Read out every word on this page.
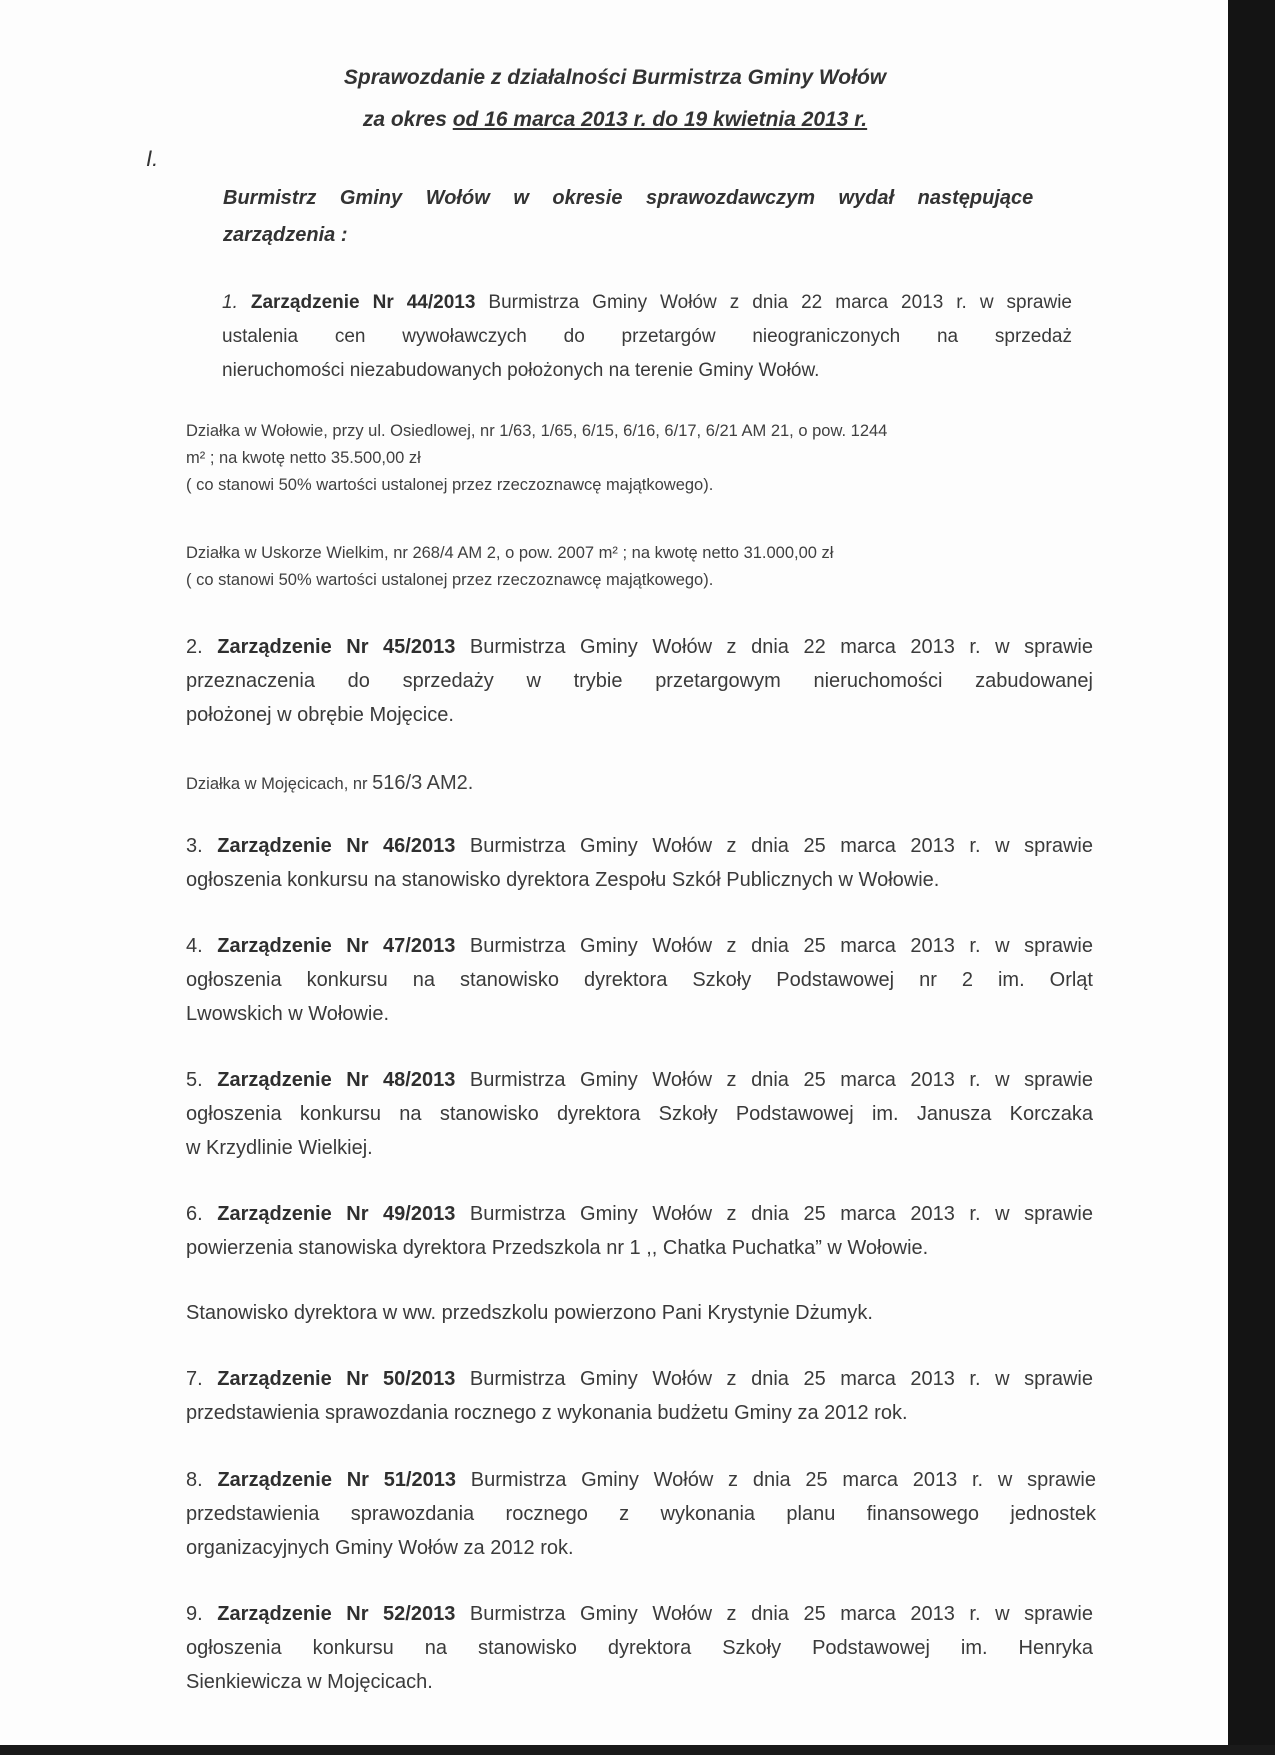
Sprawozdanie z działalności Burmistrza Gminy Wołów
za okres od 16 marca 2013 r. do 19 kwietnia 2013 r.
I.
Burmistrz Gminy Wołów w okresie sprawozdawczym wydał następujące
zarządzenia :
1. Zarządzenie Nr 44/2013 Burmistrza Gminy Wołów z dnia 22 marca 2013 r. w sprawie
ustalenia cen wywoławczych do przetargów nieograniczonych na sprzedaż
nieruchomości niezabudowanych położonych na terenie Gminy Wołów.
Działka w Wołowie, przy ul. Osiedlowej, nr 1/63, 1/65, 6/15, 6/16, 6/17, 6/21 AM 21, o pow. 1244
m² ; na kwotę netto 35.500,00 zł
( co stanowi 50% wartości ustalonej przez rzeczoznawcę majątkowego).
Działka w Uskorze Wielkim, nr 268/4 AM 2, o pow. 2007 m² ; na kwotę netto 31.000,00 zł
( co stanowi 50% wartości ustalonej przez rzeczoznawcę majątkowego).
2. Zarządzenie Nr 45/2013 Burmistrza Gminy Wołów z dnia 22 marca 2013 r. w sprawie
przeznaczenia do sprzedaży w trybie przetargowym nieruchomości zabudowanej
położonej w obrębie Mojęcice.
Działka w Mojęcicach, nr 516/3 AM2.
3. Zarządzenie Nr 46/2013 Burmistrza Gminy Wołów z dnia 25 marca 2013 r. w sprawie
ogłoszenia konkursu na stanowisko dyrektora Zespołu Szkół Publicznych w Wołowie.
4. Zarządzenie Nr 47/2013 Burmistrza Gminy Wołów z dnia 25 marca 2013 r. w sprawie
ogłoszenia konkursu na stanowisko dyrektora Szkoły Podstawowej nr 2 im. Orląt
Lwowskich w Wołowie.
5. Zarządzenie Nr 48/2013 Burmistrza Gminy Wołów z dnia 25 marca 2013 r. w sprawie
ogłoszenia konkursu na stanowisko dyrektora Szkoły Podstawowej im. Janusza Korczaka
w Krzydlinie Wielkiej.
6. Zarządzenie Nr 49/2013 Burmistrza Gminy Wołów z dnia 25 marca 2013 r. w sprawie
powierzenia stanowiska dyrektora Przedszkola nr 1 ,, Chatka Puchatka” w Wołowie.
Stanowisko dyrektora w ww. przedszkolu powierzono Pani Krystynie Dżumyk.
7. Zarządzenie Nr 50/2013 Burmistrza Gminy Wołów z dnia 25 marca 2013 r. w sprawie
przedstawienia sprawozdania rocznego z wykonania budżetu Gminy za 2012 rok.
8. Zarządzenie Nr 51/2013 Burmistrza Gminy Wołów z dnia 25 marca 2013 r. w sprawie
przedstawienia sprawozdania rocznego z wykonania planu finansowego jednostek
organizacyjnych Gminy Wołów za 2012 rok.
9. Zarządzenie Nr 52/2013 Burmistrza Gminy Wołów z dnia 25 marca 2013 r. w sprawie
ogłoszenia konkursu na stanowisko dyrektora Szkoły Podstawowej im. Henryka
Sienkiewicza w Mojęcicach.
